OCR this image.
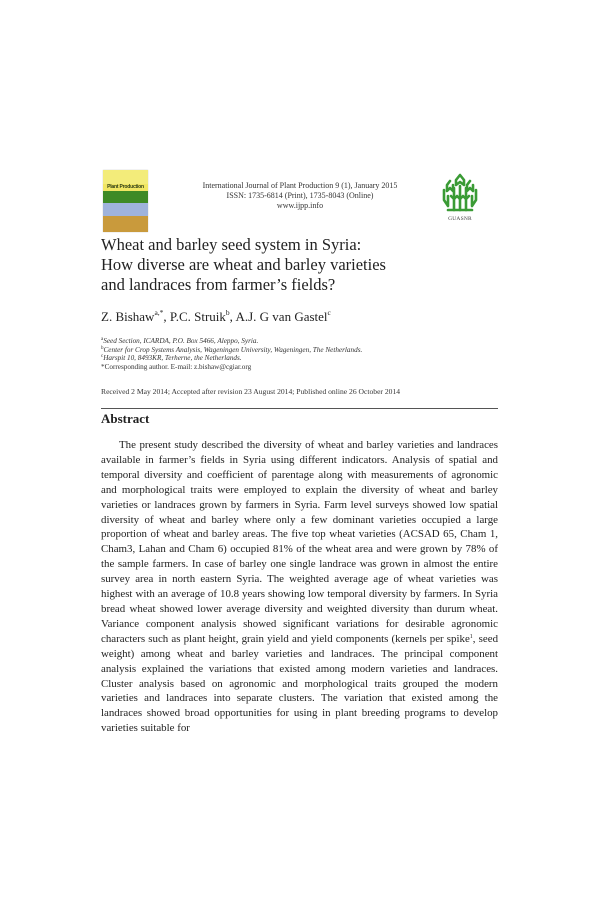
Plant Production	International Journal of Plant Production 9 (1), January 2015
ISSN: 1735-6814 (Print), 1735-8043 (Online)
www.ijpp.info
GUASNR
Wheat and barley seed system in Syria:
How diverse are wheat and barley varieties
and landraces from farmer’s fields?
Z. Bishaw$^{a,*}$, P.C. Struik$^b$, A.J. G van Gastel$^c$
$^a$Seed Section, ICARDA, P.O. Box 5466, Aleppo, Syria.
$^b$Center for Crop Systems Analysis, Wageningen University, Wageningen, The Netherlands.
$^c$Harspit 10, 8493KR, Terherne, the Netherlands.
*Corresponding author. E-mail: z.bishaw@cgiar.org
Received 2 May 2014; Accepted after revision 23 August 2014; Published online 26 October 2014
Abstract
The present study described the diversity of wheat and barley varieties and landraces available in farmer’s fields in Syria using different indicators. Analysis of spatial and temporal diversity and coefficient of parentage along with measurements of agronomic and morphological traits were employed to explain the diversity of wheat and barley varieties or landraces grown by farmers in Syria. Farm level surveys showed low spatial diversity of wheat and barley where only a few dominant varieties occupied a large proportion of wheat and barley areas. The five top wheat varieties (ACSAD 65, Cham 1, Cham3, Lahan and Cham 6) occupied 81% of the wheat area and were grown by 78% of the sample farmers. In case of barley one single landrace was grown in almost the entire survey area in north eastern Syria. The weighted average age of wheat varieties was highest with an average of 10.8 years showing low temporal diversity by farmers. In Syria bread wheat showed lower average diversity and weighted diversity than durum wheat. Variance component analysis showed significant variations for desirable agronomic characters such as plant height, grain yield and yield components (kernels per spike$^1$, seed weight) among wheat and barley varieties and landraces. The principal component analysis explained the variations that existed among modern varieties and landraces. Cluster analysis based on agronomic and morphological traits grouped the modern varieties and landraces into separate clusters. The variation that existed among the landraces showed broad opportunities for using in plant breeding programs to develop varieties suitable for
